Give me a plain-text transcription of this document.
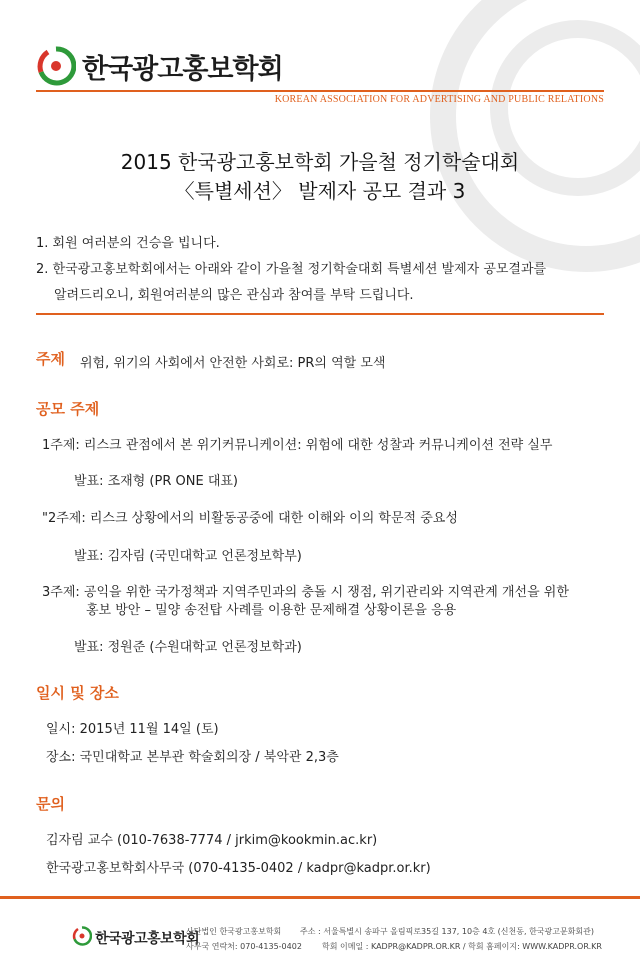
한국광고홍보학회
KOREAN ASSOCIATION FOR ADVERTISING AND PUBLIC RELATIONS
2015 한국광고홍보학회 가을철 정기학술대회
〈특별세션〉 발제자 공모 결과 3
1. 회원 여러분의 건승을 빕니다.
2. 한국광고홍보학회에서는 아래와 같이 가을철 정기학술대회 특별세션 발제자 공모결과를
알려드리오니, 회원여러분의 많은 관심과 참여를 부탁 드립니다.
주제 위험, 위기의 사회에서 안전한 사회로: PR의 역할 모색
공모 주제
1주제: 리스크 관점에서 본 위기커뮤니케이션: 위험에 대한 성찰과 커뮤니케이션 전략 실무
발표: 조재형 (PR ONE 대표)
"2주제: 리스크 상황에서의 비활동공중에 대한 이해와 이의 학문적 중요성
발표: 김자림 (국민대학교 언론정보학부)
3주제: 공익을 위한 국가정책과 지역주민과의 충돌 시 쟁점, 위기관리와 지역관계 개선을 위한
홍보 방안 – 밀양 송전탑 사례를 이용한 문제해결 상황이론을 응용
발표: 정원준 (수원대학교 언론정보학과)
일시 및 장소
일시: 2015년 11월 14일 (토)
장소: 국민대학교 본부관 학술회의장 / 북악관 2,3층
문의
김자림 교수 (010-7638-7774 / jrkim@kookmin.ac.kr)
한국광고홍보학회사무국 (070-4135-0402 / kadpr@kadpr.or.kr)
한국광고홍보학회
사단법인 한국광고홍보학회
사무국 연락처: 070-4135-0402
주소 : 서울특별시 송파구 올림픽로35길 137, 10층 4호 (신천동, 한국광고문화회관)
학회 이메일 : KADPR@KADPR.OR.KR / 학회 홈페이지: WWW.KADPR.OR.KR
